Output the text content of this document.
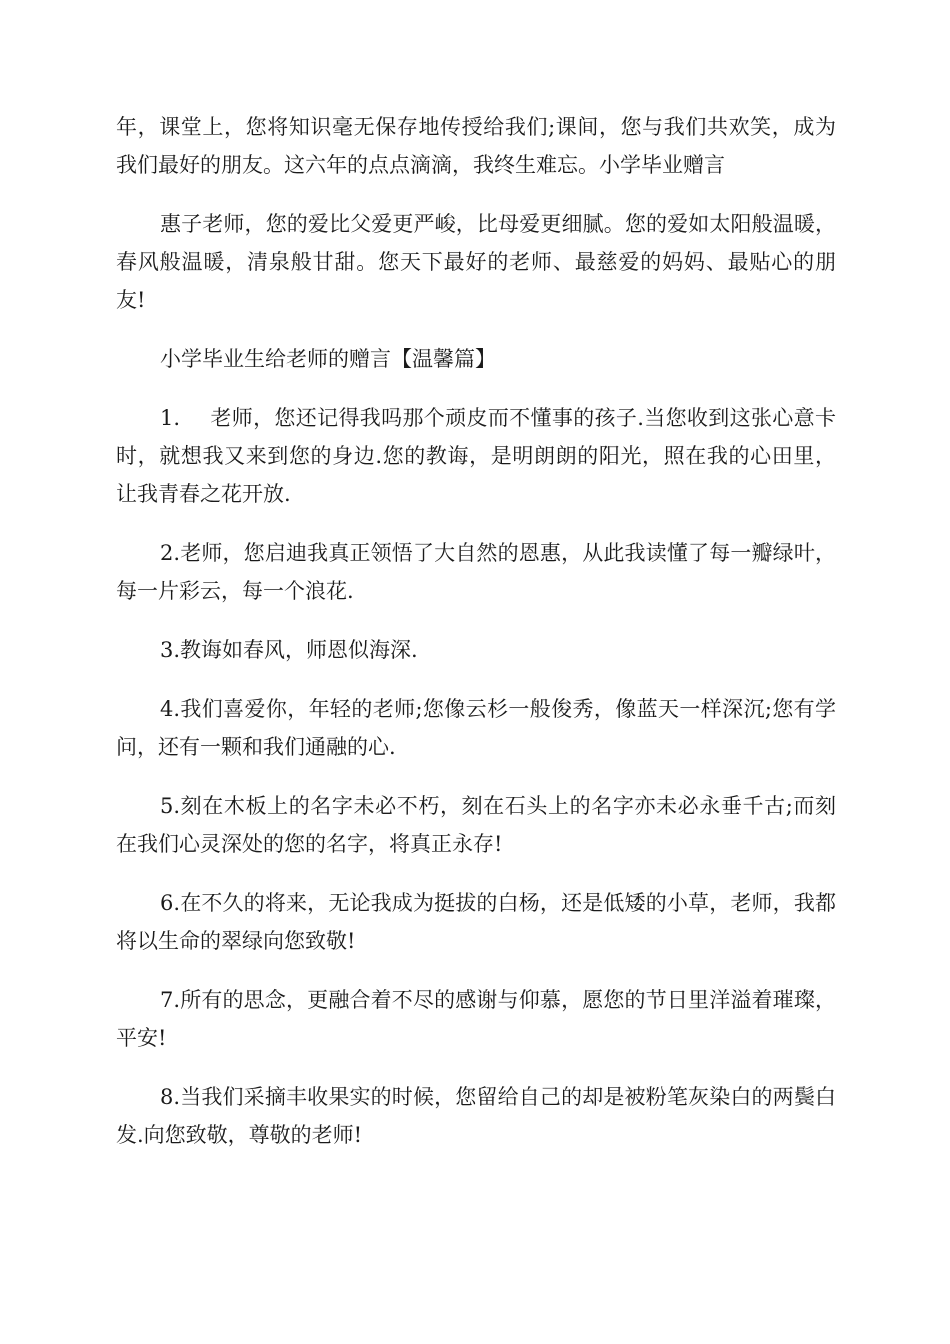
年，课堂上，您将知识毫无保存地传授给我们;课间，您与我们共欢笑，成为我们最好的朋友。这六年的点点滴滴，我终生难忘。小学毕业赠言

惠子老师，您的爱比父爱更严峻，比母爱更细腻。您的爱如太阳般温暖，春风般温暖，清泉般甘甜。您天下最好的老师、最慈爱的妈妈、最贴心的朋友!

小学毕业生给老师的赠言【温馨篇】

1. 老师，您还记得我吗那个顽皮而不懂事的孩子.当您收到这张心意卡时，就想我又来到您的身边.您的教诲，是明朗朗的阳光，照在我的心田里，让我青春之花开放.

2.老师，您启迪我真正领悟了大自然的恩惠，从此我读懂了每一瓣绿叶，每一片彩云，每一个浪花.

3.教诲如春风，师恩似海深.

4.我们喜爱你，年轻的老师;您像云杉一般俊秀，像蓝天一样深沉;您有学问，还有一颗和我们通融的心.

5.刻在木板上的名字未必不朽，刻在石头上的名字亦未必永垂千古;而刻在我们心灵深处的您的名字，将真正永存!

6.在不久的将来，无论我成为挺拔的白杨，还是低矮的小草，老师，我都将以生命的翠绿向您致敬!

7.所有的思念，更融合着不尽的感谢与仰慕，愿您的节日里洋溢着璀璨，平安!

8.当我们采摘丰收果实的时候，您留给自己的却是被粉笔灰染白的两鬓白发.向您致敬，尊敬的老师!
